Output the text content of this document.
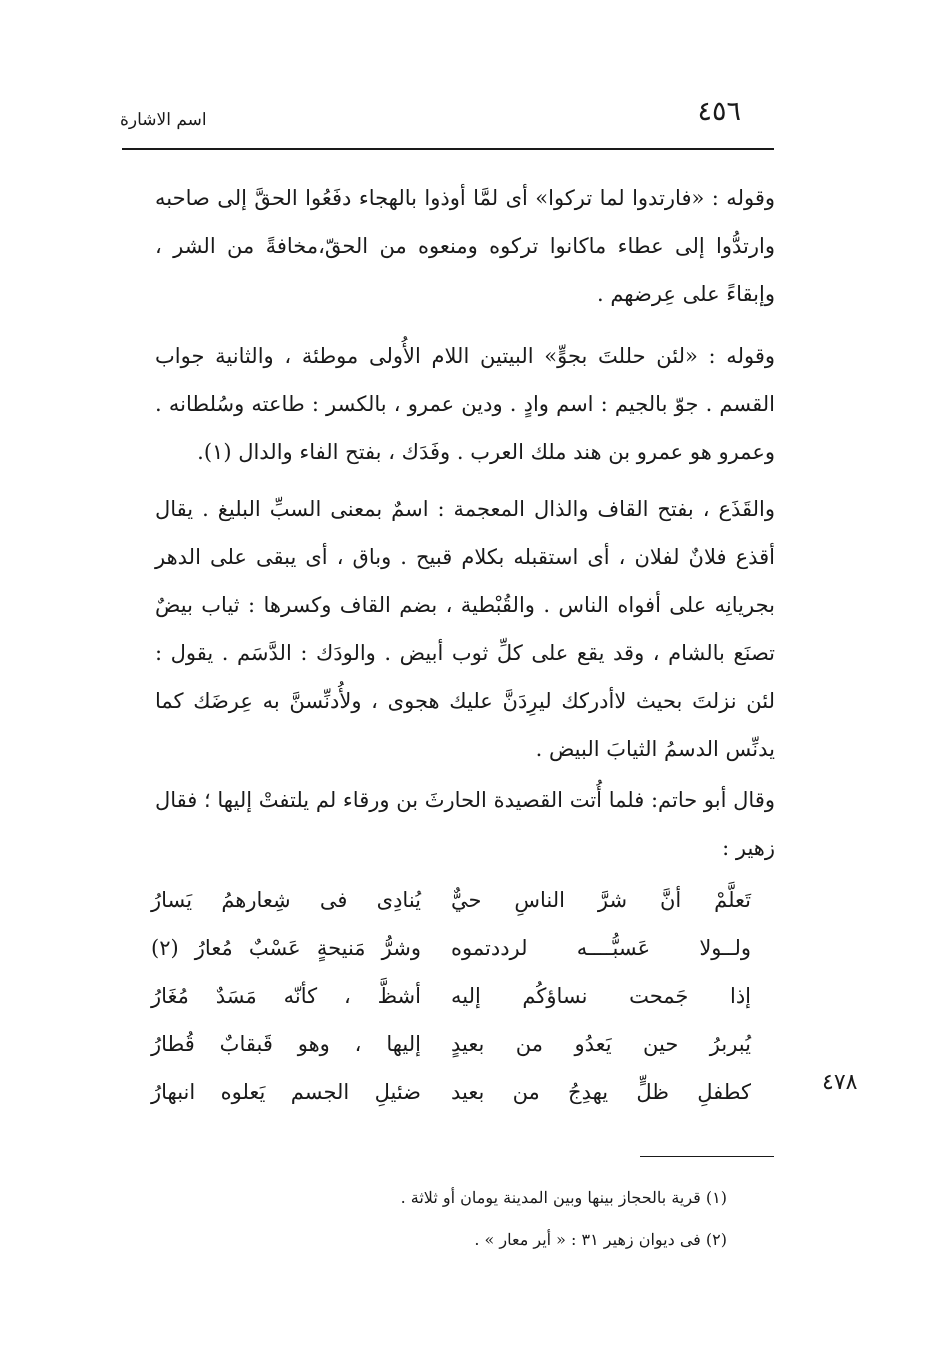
٤٥٦
اسم الاشارة

وقوله : «فارتدوا لما تركوا» أى لمَّا أوذوا بالهجاء دفَعُوا الحقَّ إلى صاحبه وارتدُّوا إلى عطاء ماكانوا تركوه ومنعوه من الحقّ،مخافةً من الشر ، وإبقاءً على عِرضهم .

وقوله : «لئن حللتَ بجوٍّ» البيتين اللام الأُولى موطئة ، والثانية جواب القسم . جوّ بالجيم : اسم وادٍ . ودين عمرو ، بالكسر : طاعته وسُلطانه . وعمرو هو عمرو بن هند ملك العرب . وفَدَك ، بفتح الفاء والدال (١).

والقَذَع ، بفتح القاف والذال المعجمة : اسمٌ بمعنى السبِّ البليغ . يقال أقذع فلانٌ لفلان ، أى استقبله بكلام قبيح . وباق ، أى يبقى على الدهر بجريانِه على أفواه الناس . والقُبْطية ، بضم القاف وكسرها : ثياب بيضٌ تصنَع بالشام ، وقد يقع على كلِّ ثوب أبيض . والودَك : الدَّسَم . يقول : لئن نزلتَ بحيث لاأدركك ليرِدَنَّ عليك هجوى ، ولأُدنِّسنَّ به عِرضَك كما يدنِّس الدسمُ الثيابَ البيض .

وقال أبو حاتم: فلما أُتت القصيدة الحارثَ بن ورقاء لم يلتفتْ إليها ؛ فقال زهير :

تَعلَّمْ أنَّ شرَّ الناسِ حيٌّ
يُنادِى فى شِعارهمُ يَسارُ
ولــولا عَسبُّــــه لرددتموه
وشرُّ مَنيحةٍ عَسْبٌ مُعارُ (٢)
إذا جَمحت نساؤكُم إليه
أشظَّ ، كأنّه مَسَدٌ مُغَارُ
يُبربرُ حين يَعدُو من بعيدٍ
إليها ، وهو قَبقابٌ قُطارُ
كطفلِ ظلٍّ يهدِجُ من بعيد
ضئيلِ الجسم يَعلوه انبهارُ	٤٧٨
(١) قرية بالحجاز بينها وبين المدينة يومان أو ثلاثة .
(٢) فى ديوان زهير ٣١ : « أير معار » .
